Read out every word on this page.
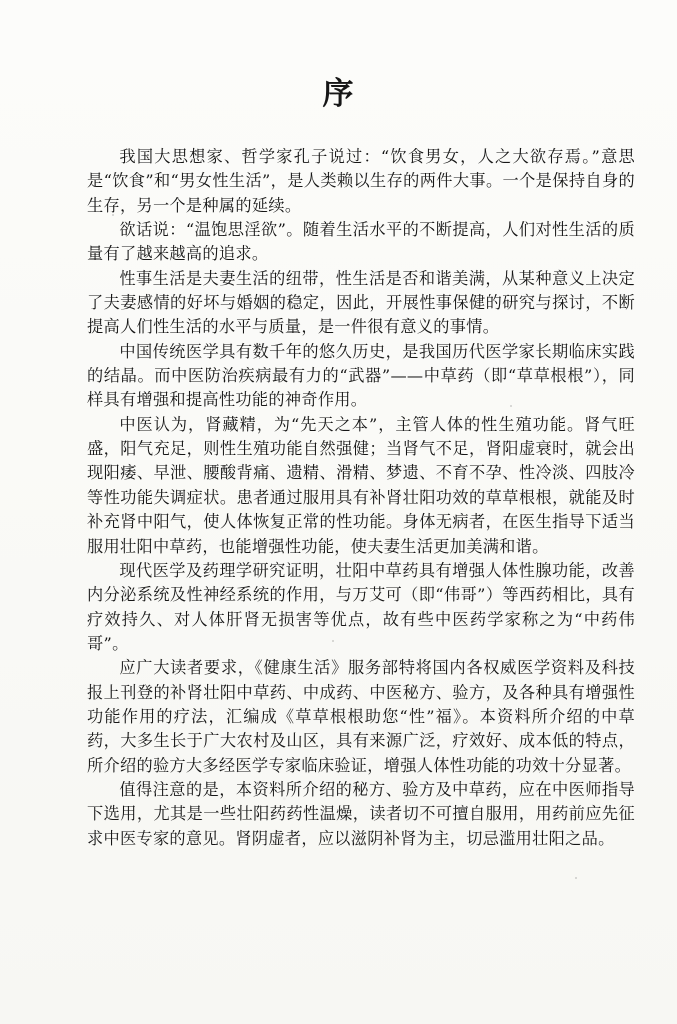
序

我国大思想家、哲学家孔子说过：“饮食男女，人之大欲存焉。”意思是“饮食”和“男女性生活”，是人类赖以生存的两件大事。一个是保持自身的生存，另一个是种属的延续。

欲话说：“温饱思淫欲”。随着生活水平的不断提高，人们对性生活的质量有了越来越高的追求。

性事生活是夫妻生活的纽带，性生活是否和谐美满，从某种意义上决定了夫妻感情的好坏与婚姻的稳定，因此，开展性事保健的研究与探讨，不断提高人们性生活的水平与质量，是一件很有意义的事情。

中国传统医学具有数千年的悠久历史，是我国历代医学家长期临床实践的结晶。而中医防治疾病最有力的“武器”——中草药（即“草草根根”），同样具有增强和提高性功能的神奇作用。

中医认为，肾藏精，为“先天之本”，主管人体的性生殖功能。肾气旺盛，阳气充足，则性生殖功能自然强健；当肾气不足，肾阳虚衰时，就会出现阳痿、早泄、腰酸背痛、遗精、滑精、梦遗、不育不孕、性冷淡、四肢冷等性功能失调症状。患者通过服用具有补肾壮阳功效的草草根根，就能及时补充肾中阳气，使人体恢复正常的性功能。身体无病者，在医生指导下适当服用壮阳中草药，也能增强性功能，使夫妻生活更加美满和谐。

现代医学及药理学研究证明，壮阳中草药具有增强人体性腺功能，改善内分泌系统及性神经系统的作用，与万艾可（即“伟哥”）等西药相比，具有疗效持久、对人体肝肾无损害等优点，故有些中医药学家称之为“中药伟哥”。

应广大读者要求，《健康生活》服务部特将国内各权威医学资料及科技报上刊登的补肾壮阳中草药、中成药、中医秘方、验方，及各种具有增强性功能作用的疗法，汇编成《草草根根助您“性”福》。本资料所介绍的中草药，大多生长于广大农村及山区，具有来源广泛，疗效好、成本低的特点，所介绍的验方大多经医学专家临床验证，增强人体性功能的功效十分显著。

值得注意的是，本资料所介绍的秘方、验方及中草药，应在中医师指导下选用，尤其是一些壮阳药药性温燥，读者切不可擅自服用，用药前应先征求中医专家的意见。肾阴虚者，应以滋阴补肾为主，切忌滥用壮阳之品。
